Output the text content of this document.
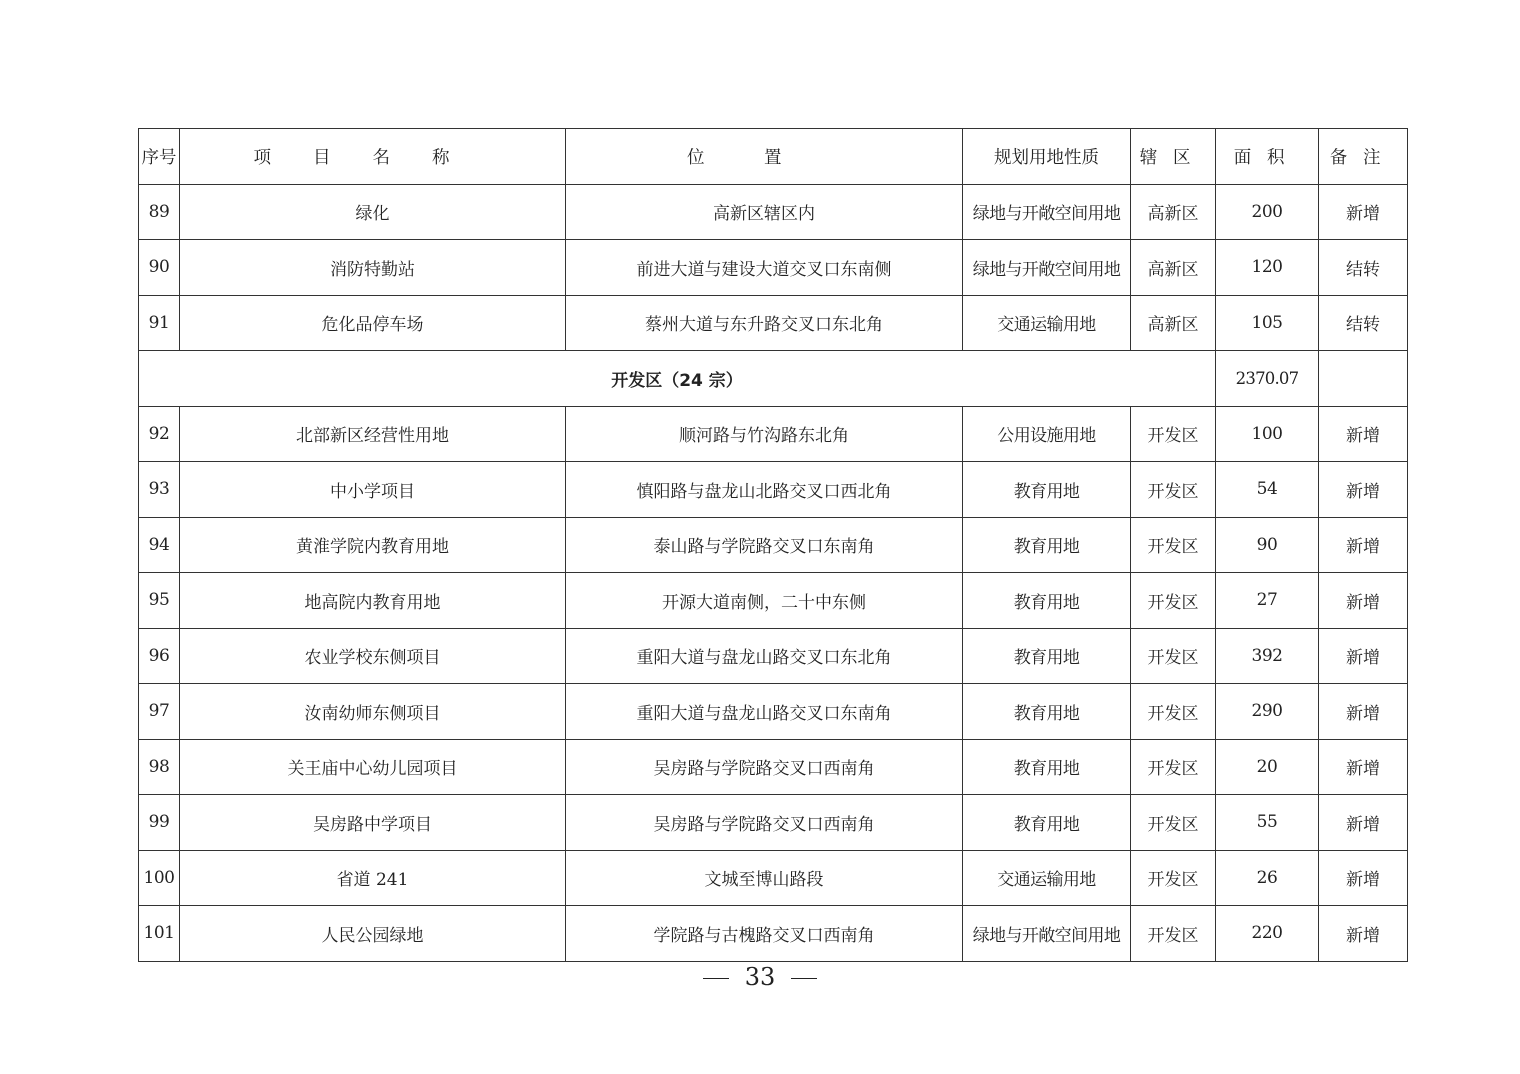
序号	项目名称	位置	规划用地性质	辖区	面积	备注
89	绿化	高新区辖区内	绿地与开敞空间用地	高新区	200	新增
90	消防特勤站	前进大道与建设大道交叉口东南侧	绿地与开敞空间用地	高新区	120	结转
91	危化品停车场	蔡州大道与东升路交叉口东北角	交通运输用地	高新区	105	结转
开发区（24 宗）					2370.07	
92	北部新区经营性用地	顺河路与竹沟路东北角	公用设施用地	开发区	100	新增
93	中小学项目	慎阳路与盘龙山北路交叉口西北角	教育用地	开发区	54	新增
94	黄淮学院内教育用地	泰山路与学院路交叉口东南角	教育用地	开发区	90	新增
95	地高院内教育用地	开源大道南侧，二十中东侧	教育用地	开发区	27	新增
96	农业学校东侧项目	重阳大道与盘龙山路交叉口东北角	教育用地	开发区	392	新增
97	汝南幼师东侧项目	重阳大道与盘龙山路交叉口东南角	教育用地	开发区	290	新增
98	关王庙中心幼儿园项目	吴房路与学院路交叉口西南角	教育用地	开发区	20	新增
99	吴房路中学项目	吴房路与学院路交叉口西南角	教育用地	开发区	55	新增
100	省道 241	文城至博山路段	交通运输用地	开发区	26	新增
101	人民公园绿地	学院路与古槐路交叉口西南角	绿地与开敞空间用地	开发区	220	新增
33
